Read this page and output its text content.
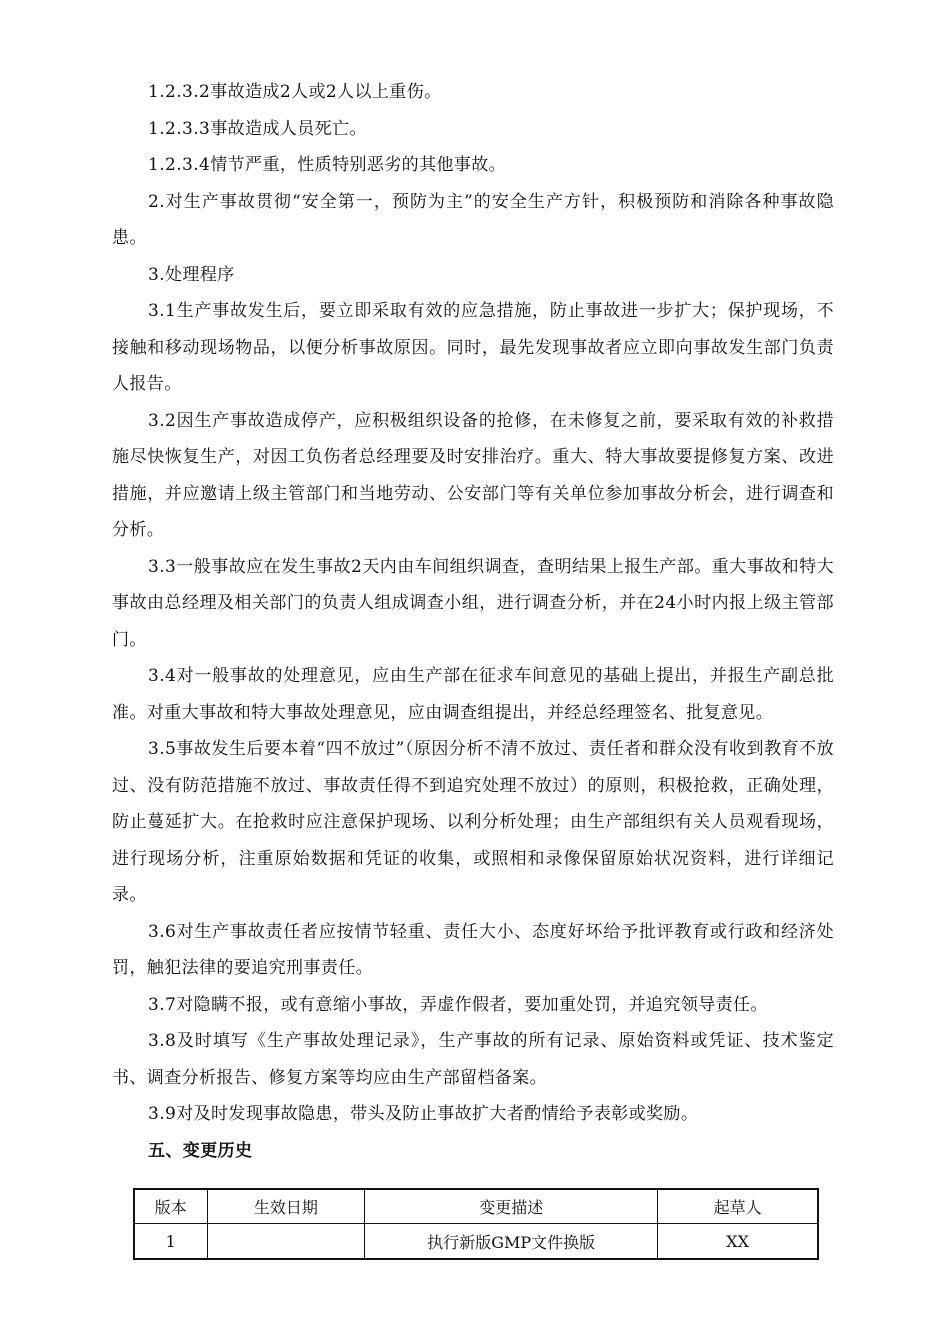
1.2.3.2事故造成2人或2人以上重伤。

1.2.3.3事故造成人员死亡。

1.2.3.4情节严重，性质特别恶劣的其他事故。

2.对生产事故贯彻“安全第一，预防为主”的安全生产方针，积极预防和消除各种事故隐患。

3.处理程序

3.1生产事故发生后，要立即采取有效的应急措施，防止事故进一步扩大；保护现场，不接触和移动现场物品，以便分析事故原因。同时，最先发现事故者应立即向事故发生部门负责人报告。

3.2因生产事故造成停产，应积极组织设备的抢修，在未修复之前，要采取有效的补救措施尽快恢复生产，对因工负伤者总经理要及时安排治疗。重大、特大事故要提修复方案、改进措施，并应邀请上级主管部门和当地劳动、公安部门等有关单位参加事故分析会，进行调查和分析。

3.3一般事故应在发生事故2天内由车间组织调查，查明结果上报生产部。重大事故和特大事故由总经理及相关部门的负责人组成调查小组，进行调查分析，并在24小时内报上级主管部门。

3.4对一般事故的处理意见，应由生产部在征求车间意见的基础上提出，并报生产副总批准。对重大事故和特大事故处理意见，应由调查组提出，并经总经理签名、批复意见。

3.5事故发生后要本着“四不放过”（原因分析不清不放过、责任者和群众没有收到教育不放过、没有防范措施不放过、事故责任得不到追究处理不放过）的原则，积极抢救，正确处理，防止蔓延扩大。在抢救时应注意保护现场、以利分析处理；由生产部组织有关人员观看现场，进行现场分析，注重原始数据和凭证的收集，或照相和录像保留原始状况资料，进行详细记录。

3.6对生产事故责任者应按情节轻重、责任大小、态度好坏给予批评教育或行政和经济处罚，触犯法律的要追究刑事责任。

3.7对隐瞒不报，或有意缩小事故，弄虚作假者，要加重处罚，并追究领导责任。

3.8及时填写《生产事故处理记录》，生产事故的所有记录、原始资料或凭证、技术鉴定书、调查分析报告、修复方案等均应由生产部留档备案。

3.9对及时发现事故隐患，带头及防止事故扩大者酌情给予表彰或奖励。

五、变更历史

版本	生效日期	变更描述	起草人
1		执行新版GMP文件换版	XX
